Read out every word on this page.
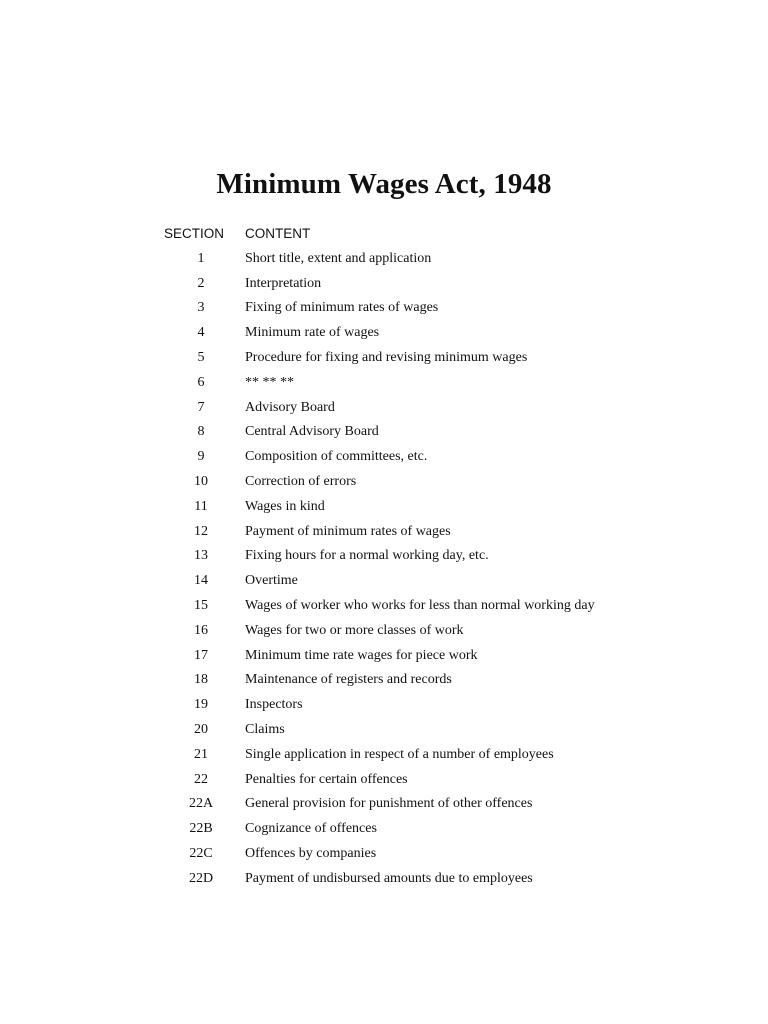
Minimum Wages Act, 1948
SECTION CONTENT
1	Short title, extent and application
2	Interpretation
3	Fixing of minimum rates of wages
4	Minimum rate of wages
5	Procedure for fixing and revising minimum wages
6	** ** **
7	Advisory Board
8	Central Advisory Board
9	Composition of committees, etc.
10	Correction of errors
11	Wages in kind
12	Payment of minimum rates of wages
13	Fixing hours for a normal working day, etc.
14	Overtime
15	Wages of worker who works for less than normal working day
16	Wages for two or more classes of work
17	Minimum time rate wages for piece work
18	Maintenance of registers and records
19	Inspectors
20	Claims
21	Single application in respect of a number of employees
22	Penalties for certain offences
22A	General provision for punishment of other offences
22B	Cognizance of offences
22C	Offences by companies
22D	Payment of undisbursed amounts due to employees
